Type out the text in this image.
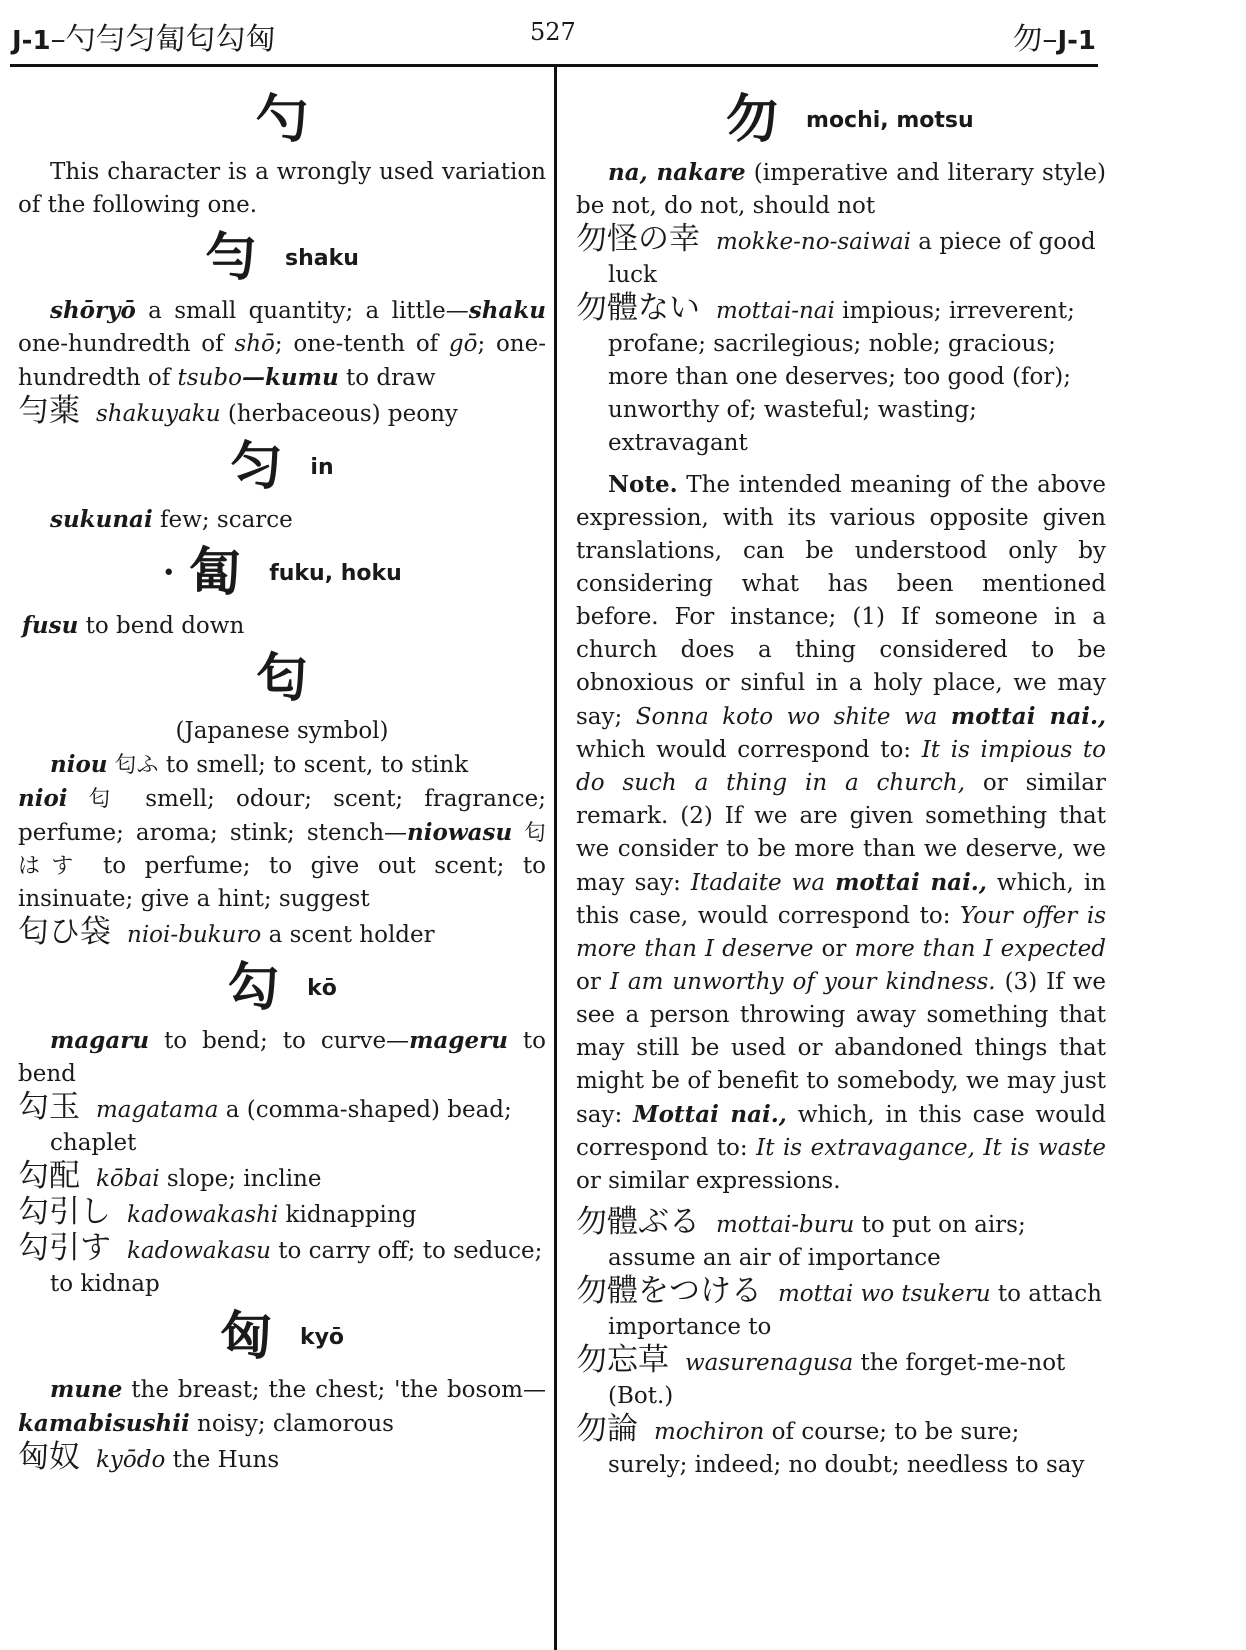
J-1–勺勻匀匐匂勾匈	527	勿–J-1
勺

This character is a wrongly used variation of the following one.

勻 shaku

shōryō a small quantity; a little—shaku one-hundredth of shō; one-tenth of gō; one-hundredth of tsubo—kumu to draw

勻薬 shakuyaku (herbaceous) peony

匀 in

sukunai few; scarce

• 匐 fuku, hoku

fusu to bend down

匂

(Japanese symbol)

niou 匂ふ to smell; to scent, to stink

nioi 匂 smell; odour; scent; fragrance; perfume; aroma; stink; stench—niowasu 匂はす to perfume; to give out scent; to insinuate; give a hint; suggest

匂ひ袋 nioi-bukuro a scent holder

勾 kō

magaru to bend; to curve—mageru to bend

勾玉 magatama a (comma-shaped) bead; chaplet

勾配 kōbai slope; incline

勾引し kadowakashi kidnapping

勾引す kadowakasu to carry off; to seduce; to kidnap

匈 kyō

mune the breast; the chest; 'the bosom—kamabisushii noisy; clamorous

匈奴 kyōdo the Huns

勿 mochi, motsu

na, nakare (imperative and literary style) be not, do not, should not

勿怪の幸 mokke-no-saiwai a piece of good luck

勿體ない mottai-nai impious; irreverent; profane; sacrilegious; noble; gracious; more than one deserves; too good (for); unworthy of; wasteful; wasting; extravagant

Note. The intended meaning of the above expression, with its various opposite given translations, can be understood only by considering what has been mentioned before. For instance; (1) If someone in a church does a thing considered to be obnoxious or sinful in a holy place, we may say; Sonna koto wo shite wa mottai nai., which would correspond to: It is impious to do such a thing in a church, or similar remark. (2) If we are given something that we consider to be more than we deserve, we may say: Itadaite wa mottai nai., which, in this case, would correspond to: Your offer is more than I deserve or more than I expected or I am unworthy of your kindness. (3) If we see a person throwing away something that may still be used or abandoned things that might be of benefit to somebody, we may just say: Mottai nai., which, in this case would correspond to: It is extravagance, It is waste or similar expressions.

勿體ぶる mottai-buru to put on airs; assume an air of importance

勿體をつける mottai wo tsukeru to attach importance to

勿忘草 wasurenagusa the forget-me-not (Bot.)

勿論 mochiron of course; to be sure; surely; indeed; no doubt; needless to say
